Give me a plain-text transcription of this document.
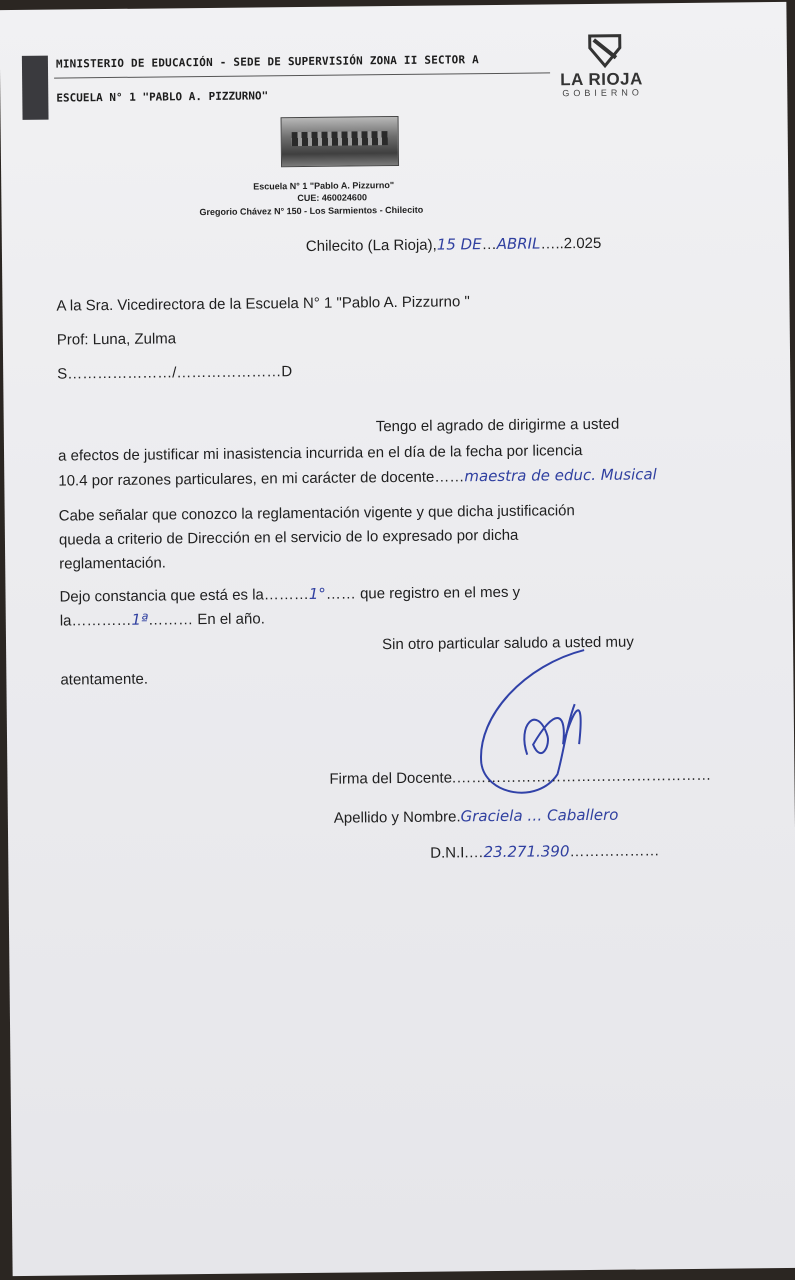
MINISTERIO DE EDUCACIÓN - SEDE DE SUPERVISIÓN ZONA II SECTOR A
ESCUELA N° 1 "PABLO A. PIZZURNO"
LA RIOJA
GOBIERNO
Escuela N° 1 "Pablo A. Pizzurno"
CUE: 460024600
Gregorio Chávez N° 150 - Los Sarmientos - Chilecito
Chilecito (La Rioja),15 DE…ABRIL…..2.025
A la Sra. Vicedirectora de la Escuela N° 1 "Pablo A. Pizzurno "
Prof: Luna, Zulma
S…………………/…………………D
Tengo el agrado de dirigirme a usted
a efectos de justificar mi inasistencia incurrida en el día de la fecha por licencia
10.4 por razones particulares, en mi carácter de docente……maestra de educ. Musical
Cabe señalar que conozco la reglamentación vigente y que dicha justificación
queda a criterio de Dirección en el servicio de lo expresado por dicha
reglamentación.
Dejo constancia que está es la………1°…… que registro en el mes y
la…………1ª……… En el año.
Sin otro particular saludo a usted muy
atentamente.
Firma del Docente.……………………………………………
Apellido y Nombre.Graciela … Caballero
D.N.I.…23.271.390………………
